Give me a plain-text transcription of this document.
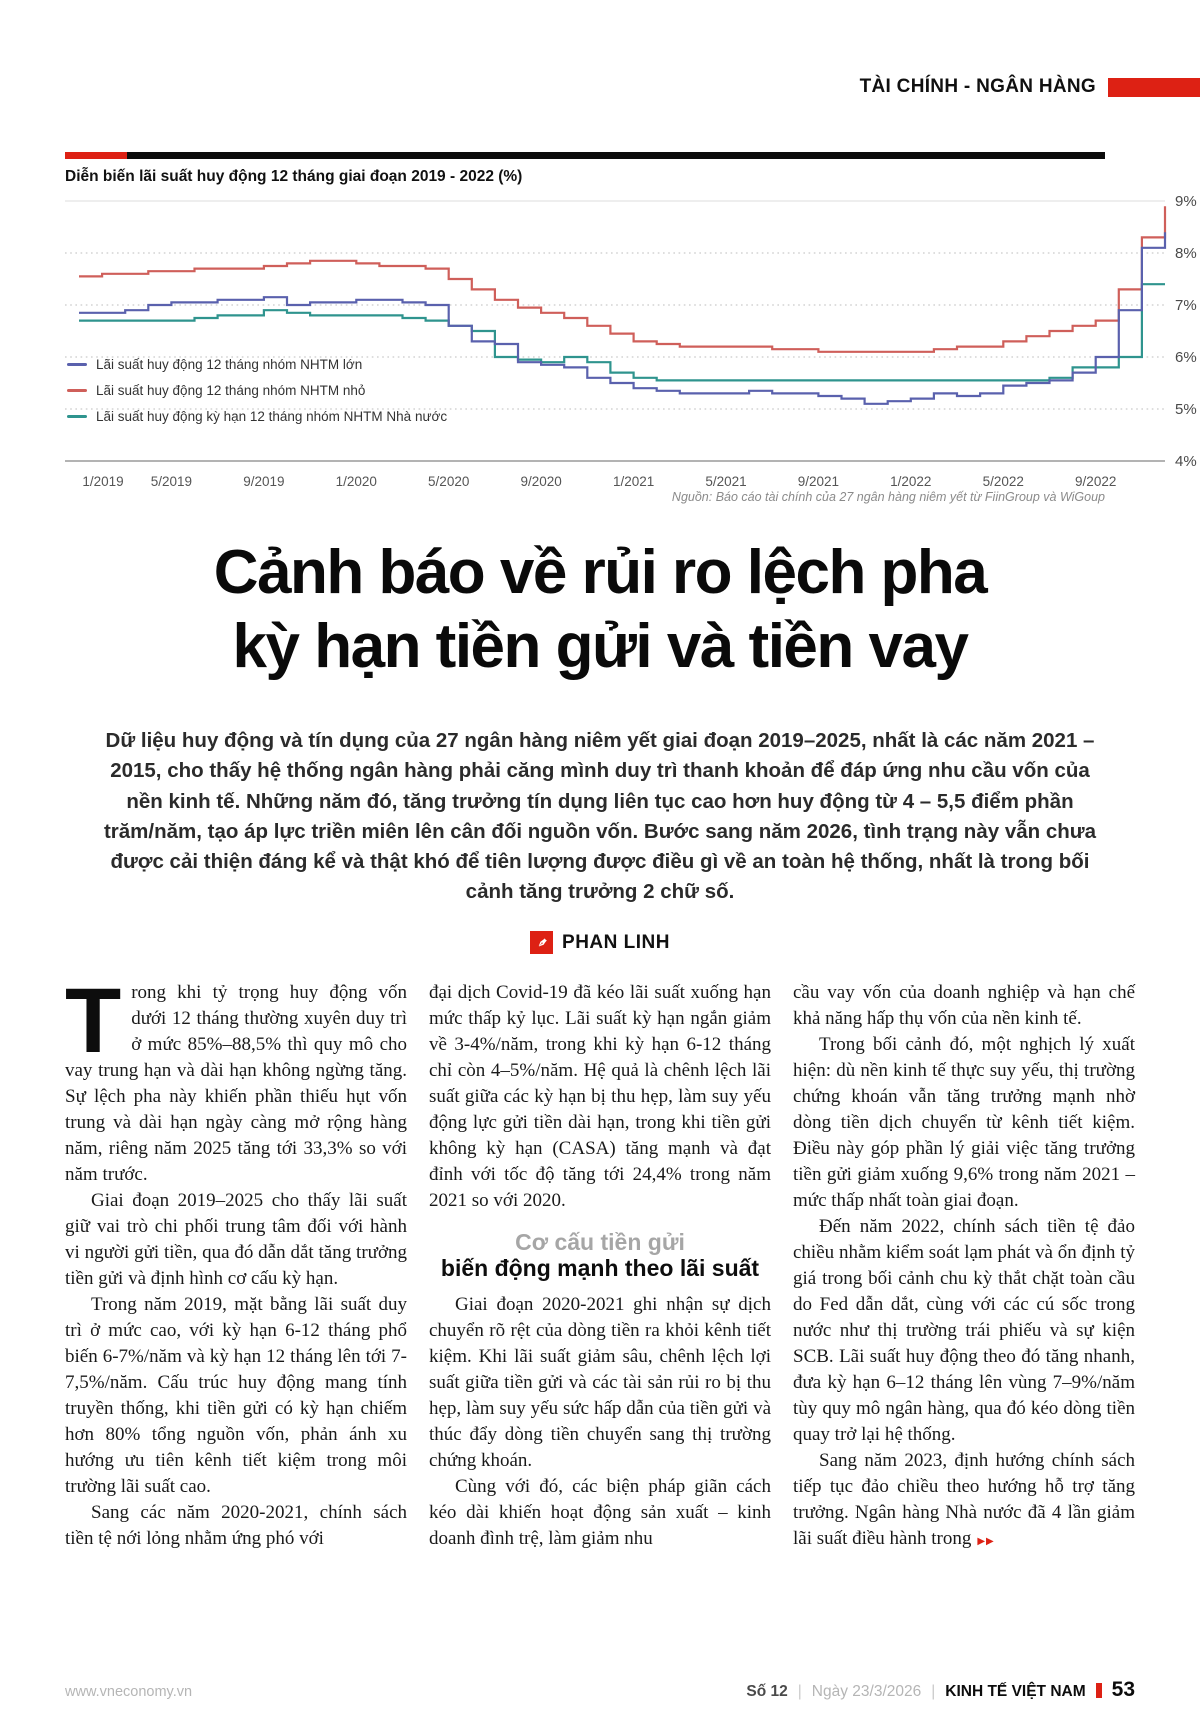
TÀI CHÍNH - NGÂN HÀNG
Diễn biến lãi suất huy động 12 tháng giai đoạn 2019 - 2022 (%)
9%
8%
7%
6%
5%
4%
1/2019 5/2019	9/2019	1/2020	5/2020	9/2020	1/2021	5/2021	9/2021	1/2022	5/2022	9/2022
Lãi suất huy động 12 tháng nhóm NHTM lớn
Lãi suất huy động 12 tháng nhóm NHTM nhỏ
Lãi suất huy động kỳ hạn 12 tháng nhóm NHTM Nhà nước
Nguồn: Báo cáo tài chính của 27 ngân hàng niêm yết từ FiinGroup và WiGoup
Cảnh báo về rủi ro lệch pha
kỳ hạn tiền gửi và tiền vay
Dữ liệu huy động và tín dụng của 27 ngân hàng niêm yết giai đoạn 2019–2025, nhất là các năm 2021 – 2015, cho thấy hệ thống ngân hàng phải căng mình duy trì thanh khoản để đáp ứng nhu cầu vốn của nền kinh tế. Những năm đó, tăng trưởng tín dụng liên tục cao hơn huy động từ 4 – 5,5 điểm phần trăm/năm, tạo áp lực triền miên lên cân đối nguồn vốn. Bước sang năm 2026, tình trạng này vẫn chưa được cải thiện đáng kể và thật khó để tiên lượng được điều gì về an toàn hệ thống, nhất là trong bối cảnh tăng trưởng 2 chữ số.
✒ PHAN LINH

Trong khi tỷ trọng huy động vốn dưới 12 tháng thường xuyên duy trì ở mức 85%–88,5% thì quy mô cho vay trung hạn và dài hạn không ngừng tăng. Sự lệch pha này khiến phần thiếu hụt vốn trung và dài hạn ngày càng mở rộng hàng năm, riêng năm 2025 tăng tới 33,3% so với năm trước.

Giai đoạn 2019–2025 cho thấy lãi suất giữ vai trò chi phối trung tâm đối với hành vi người gửi tiền, qua đó dẫn dắt tăng trưởng tiền gửi và định hình cơ cấu kỳ hạn.

Trong năm 2019, mặt bằng lãi suất duy trì ở mức cao, với kỳ hạn 6-12 tháng phổ biến 6-7%/năm và kỳ hạn 12 tháng lên tới 7-7,5%/năm. Cấu trúc huy động mang tính truyền thống, khi tiền gửi có kỳ hạn chiếm hơn 80% tổng nguồn vốn, phản ánh xu hướng ưu tiên kênh tiết kiệm trong môi trường lãi suất cao.

Sang các năm 2020-2021, chính sách tiền tệ nới lỏng nhằm ứng phó với

đại dịch Covid-19 đã kéo lãi suất xuống hạn mức thấp kỷ lục. Lãi suất kỳ hạn ngắn giảm về 3-4%/năm, trong khi kỳ hạn 6-12 tháng chỉ còn 4–5%/năm. Hệ quả là chênh lệch lãi suất giữa các kỳ hạn bị thu hẹp, làm suy yếu động lực gửi tiền dài hạn, trong khi tiền gửi không kỳ hạn (CASA) tăng mạnh và đạt đỉnh với tốc độ tăng tới 24,4% trong năm 2021 so với 2020.

Cơ cấu tiền gửi
biến động mạnh theo lãi suất

Giai đoạn 2020-2021 ghi nhận sự dịch chuyển rõ rệt của dòng tiền ra khỏi kênh tiết kiệm. Khi lãi suất giảm sâu, chênh lệch lợi suất giữa tiền gửi và các tài sản rủi ro bị thu hẹp, làm suy yếu sức hấp dẫn của tiền gửi và thúc đẩy dòng tiền chuyển sang thị trường chứng khoán.

Cùng với đó, các biện pháp giãn cách kéo dài khiến hoạt động sản xuất – kinh doanh đình trệ, làm giảm nhu

cầu vay vốn của doanh nghiệp và hạn chế khả năng hấp thụ vốn của nền kinh tế.

Trong bối cảnh đó, một nghịch lý xuất hiện: dù nền kinh tế thực suy yếu, thị trường chứng khoán vẫn tăng trưởng mạnh nhờ dòng tiền dịch chuyển từ kênh tiết kiệm. Điều này góp phần lý giải việc tăng trưởng tiền gửi giảm xuống 9,6% trong năm 2021 – mức thấp nhất toàn giai đoạn.

Đến năm 2022, chính sách tiền tệ đảo chiều nhằm kiểm soát lạm phát và ổn định tỷ giá trong bối cảnh chu kỳ thắt chặt toàn cầu do Fed dẫn dắt, cùng với các cú sốc trong nước như thị trường trái phiếu và sự kiện SCB. Lãi suất huy động theo đó tăng nhanh, đưa kỳ hạn 6–12 tháng lên vùng 7–9%/năm tùy quy mô ngân hàng, qua đó kéo dòng tiền quay trở lại hệ thống.

Sang năm 2023, định hướng chính sách tiếp tục đảo chiều theo hướng hỗ trợ tăng trưởng. Ngân hàng Nhà nước đã 4 lần giảm lãi suất điều hành trong ▶▶

www.vneconomy.vn	Số 12 | Ngày 23/3/2026 | KINH TẾ VIỆT NAM 53
